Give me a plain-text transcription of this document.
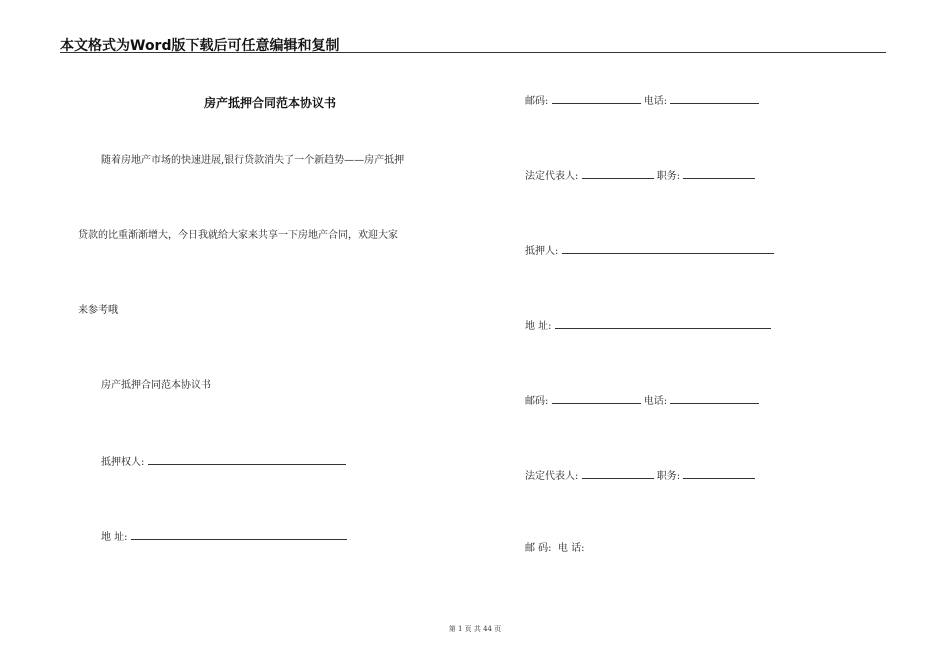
本文格式为Word版下载后可任意编辑和复制
房产抵押合同范本协议书
随着房地产市场的快速进展,银行贷款消失了一个新趋势——房产抵押
贷款的比重渐渐增大，今日我就给大家来共享一下房地产合同，欢迎大家
来参考哦
房产抵押合同范本协议书
抵押权人:
地 址:
邮码:	电话:
法定代表人:	职务:
抵押人:
地 址:
邮码:	电话:
法定代表人:	职务:
邮 码:  电 话:
第 1 页 共 44 页
